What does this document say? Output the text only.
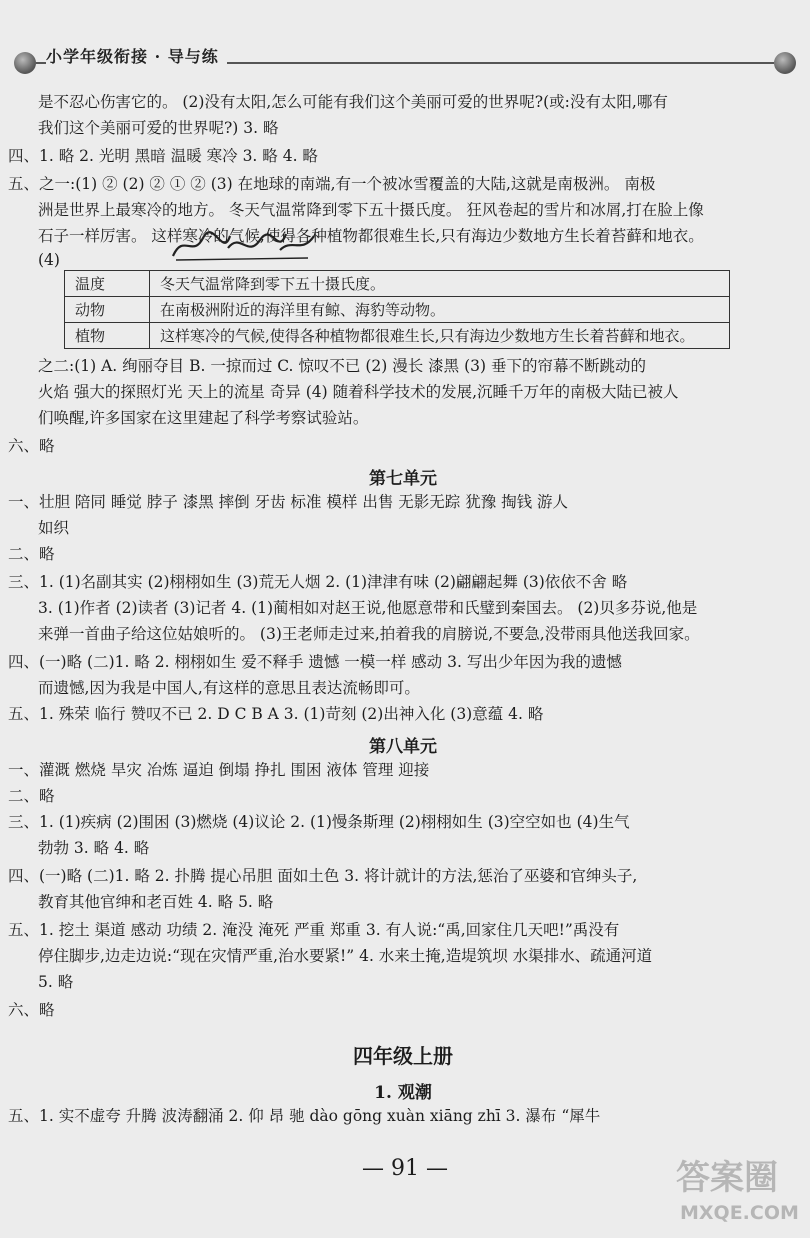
小学年级衔接 · 导与练
是不忍心伤害它的。 (2)没有太阳,怎么可能有我们这个美丽可爱的世界呢?(或:没有太阳,哪有
我们这个美丽可爱的世界呢?) 3. 略
四、1. 略 2. 光明 黑暗 温暖 寒冷 3. 略 4. 略
五、之一:(1) ② (2) ② ① ② (3) 在地球的南端,有一个被冰雪覆盖的大陆,这就是南极洲。 南极
洲是世界上最寒冷的地方。 冬天气温常降到零下五十摄氏度。 狂风卷起的雪片和冰屑,打在脸上像
石子一样厉害。 这样寒冷的气候,使得各种植物都很难生长,只有海边少数地方生长着苔藓和地衣。
(4)
温度	冬天气温常降到零下五十摄氏度。
动物	在南极洲附近的海洋里有鲸、海豹等动物。
植物	这样寒冷的气候,使得各种植物都很难生长,只有海边少数地方生长着苔藓和地衣。
之二:(1) A. 绚丽夺目 B. 一掠而过 C. 惊叹不已 (2) 漫长 漆黑 (3) 垂下的帘幕不断跳动的
火焰 强大的探照灯光 天上的流星 奇异 (4) 随着科学技术的发展,沉睡千万年的南极大陆已被人
们唤醒,许多国家在这里建起了科学考察试验站。
六、略
第七单元
一、壮胆 陪同 睡觉 脖子 漆黑 摔倒 牙齿 标准 模样 出售 无影无踪 犹豫 掏钱 游人
如织
二、略
三、1. (1)名副其实 (2)栩栩如生 (3)荒无人烟 2. (1)津津有味 (2)翩翩起舞 (3)依依不舍 略
3. (1)作者 (2)读者 (3)记者 4. (1)蔺相如对赵王说,他愿意带和氏璧到秦国去。 (2)贝多芬说,他是
来弹一首曲子给这位姑娘听的。 (3)王老师走过来,拍着我的肩膀说,不要急,没带雨具他送我回家。
四、(一)略 (二)1. 略 2. 栩栩如生 爱不释手 遗憾 一模一样 感动 3. 写出少年因为我的遗憾
而遗憾,因为我是中国人,有这样的意思且表达流畅即可。
五、1. 殊荣 临行 赞叹不已 2. D C B A 3. (1)苛刻 (2)出神入化 (3)意蕴 4. 略
第八单元
一、灌溉 燃烧 旱灾 冶炼 逼迫 倒塌 挣扎 围困 液体 管理 迎接
二、略
三、1. (1)疾病 (2)围困 (3)燃烧 (4)议论 2. (1)慢条斯理 (2)栩栩如生 (3)空空如也 (4)生气
勃勃 3. 略 4. 略
四、(一)略 (二)1. 略 2. 扑腾 提心吊胆 面如土色 3. 将计就计的方法,惩治了巫婆和官绅头子,
教育其他官绅和老百姓 4. 略 5. 略
五、1. 挖土 渠道 感动 功绩 2. 淹没 淹死 严重 郑重 3. 有人说:“禹,回家住几天吧!”禹没有
停住脚步,边走边说:“现在灾情严重,治水要紧!” 4. 水来土掩,造堤筑坝 水渠排水、疏通河道
5. 略
六、略
四年级上册
1. 观潮
五、1. 实不虚夸 升腾 波涛翻涌 2. 仰 昂 驰 dào gōng xuàn xiāng zhī 3. 瀑布 “犀牛
— 91 —	答案圈
MXQE.COM
